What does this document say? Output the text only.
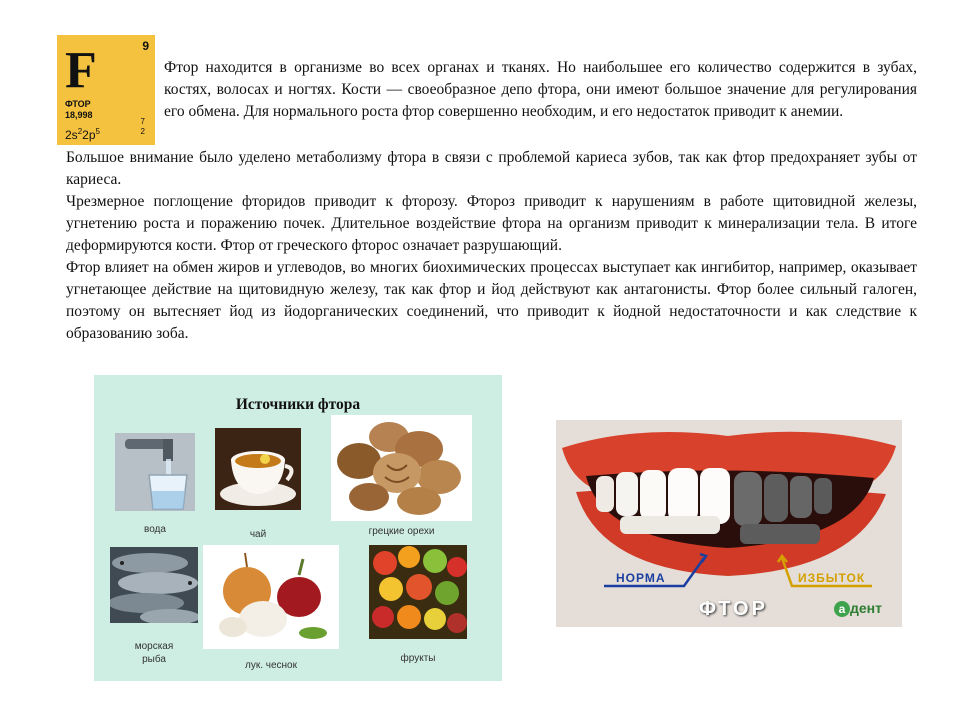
F	9
ФТОР
18,998
$2s^22p^5$
7
2

Фтор находится в организме во всех органах и тканях. Но наибольшее его количество содержится в зубах, костях, волосах и ногтях. Кости — своеобразное депо фтора, они имеют большое значение для регулирования его обмена. Для нормального роста фтор совершенно необходим, и его недостаток приводит к анемии.

Большое внимание было уделено метаболизму фтора в связи с проблемой кариеса зубов, так как фтор предохраняет зубы от кариеса.

Чрезмерное поглощение фторидов приводит к фторозу. Фтороз приводит к нарушениям в работе щитовидной железы, угнетению роста и поражению почек. Длительное воздействие фтора на организм приводит к минерализации тела. В итоге деформируются кости. Фтор от греческого фторос означает разрушающий.

Фтор влияет на обмен жиров и углеводов, во многих биохимических процессах выступает как ингибитор, например, оказывает угнетающее действие на щитовидную железу, так как фтор и йод действуют как антагонисты. Фтор более сильный галоген, поэтому он вытесняет йод из йодорганических соединений, что приводит к йодной недостаточности и как следствие к образованию зоба.

Источники фтора
вода	чай	грецкие орехи
морская
рыба
лук. чеснок
фрукты
НОРМА	ИЗБЫТОК
ФТОР	а дент
